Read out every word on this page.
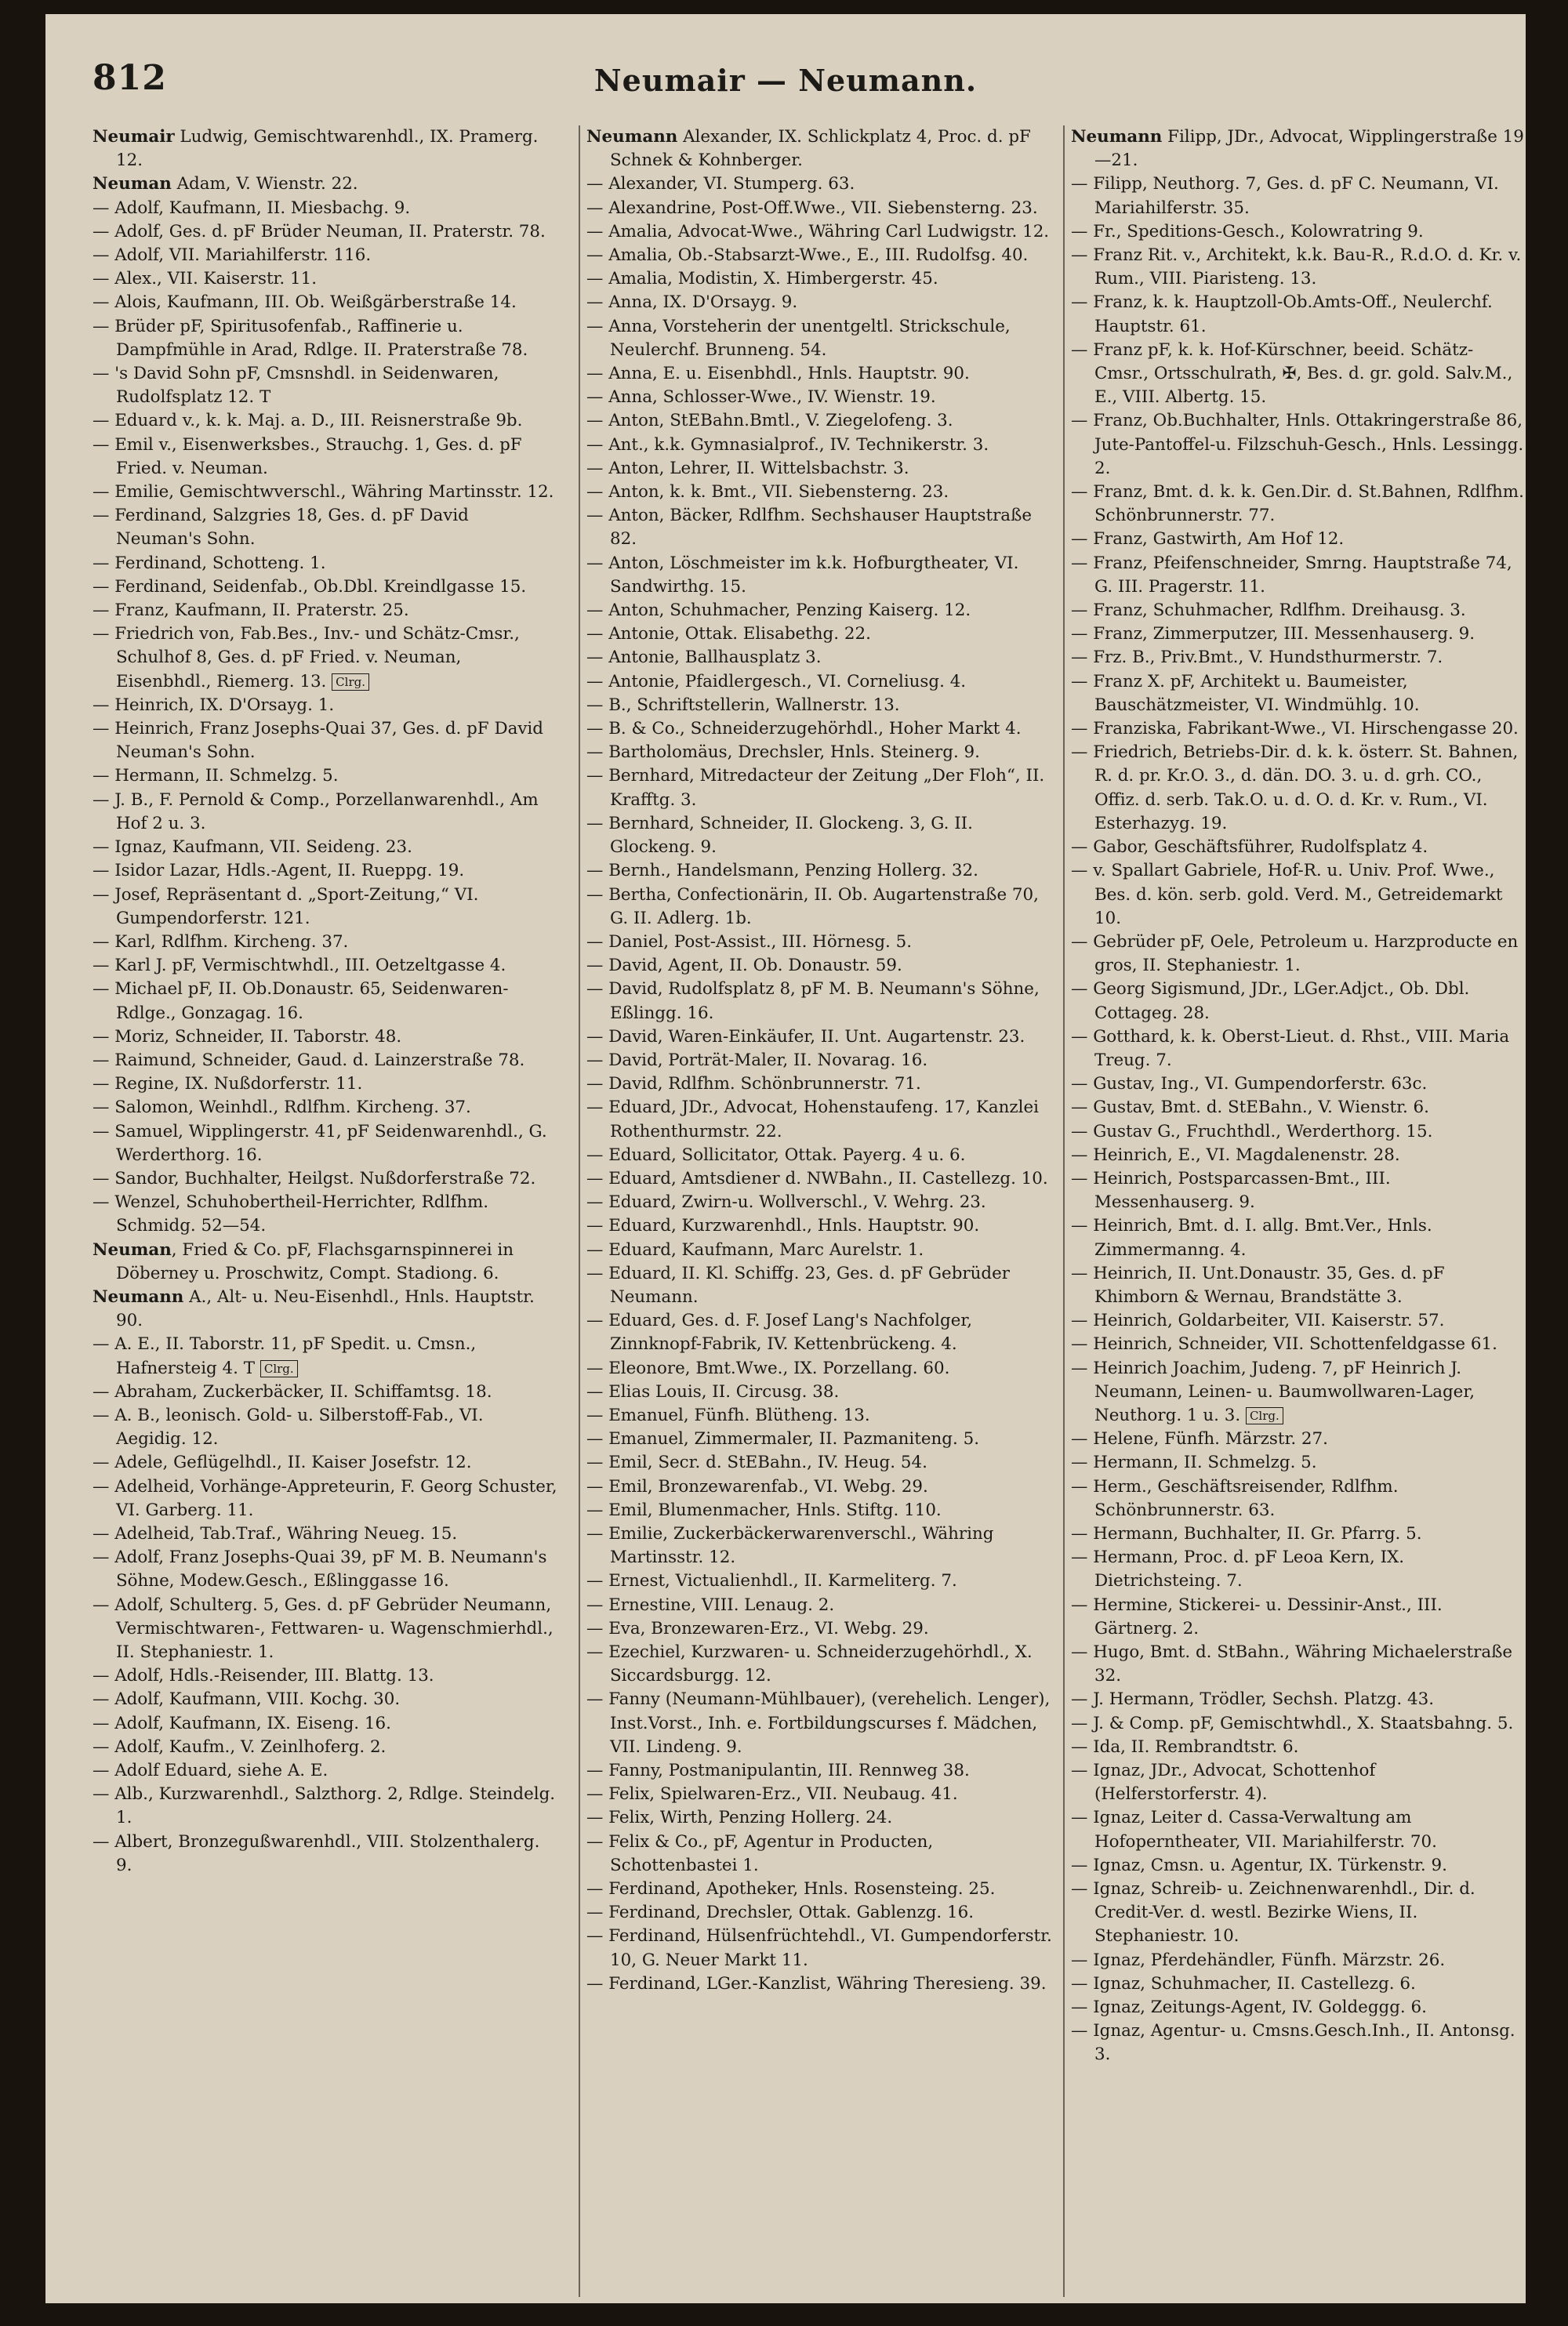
812	Neumair — Neumann.

Neumair Ludwig, Gemischtwarenhdl., IX. Pramerg. 12.

Neuman Adam, V. Wienstr. 22.

— Adolf, Kaufmann, II. Miesbachg. 9.

— Adolf, Ges. d. pF Brüder Neuman, II. Praterstr. 78.

— Adolf, VII. Mariahilferstr. 116.

— Alex., VII. Kaiserstr. 11.

— Alois, Kaufmann, III. Ob. Weißgärberstraße 14.

— Brüder pF, Spiritusofenfab., Raffinerie u. Dampfmühle in Arad, Rdlge. II. Praterstraße 78.

— 's David Sohn pF, Cmsnshdl. in Seidenwaren, Rudolfsplatz 12. T

— Eduard v., k. k. Maj. a. D., III. Reisnerstraße 9b.

— Emil v., Eisenwerksbes., Strauchg. 1, Ges. d. pF Fried. v. Neuman.

— Emilie, Gemischtwverschl., Währing Martinsstr. 12.

— Ferdinand, Salzgries 18, Ges. d. pF David Neuman's Sohn.

— Ferdinand, Schotteng. 1.

— Ferdinand, Seidenfab., Ob.Dbl. Kreindlgasse 15.

— Franz, Kaufmann, II. Praterstr. 25.

— Friedrich von, Fab.Bes., Inv.- und Schätz-Cmsr., Schulhof 8, Ges. d. pF Fried. v. Neuman, Eisenbhdl., Riemerg. 13. Clrg.

— Heinrich, IX. D'Orsayg. 1.

— Heinrich, Franz Josephs-Quai 37, Ges. d. pF David Neuman's Sohn.

— Hermann, II. Schmelzg. 5.

— J. B., F. Pernold & Comp., Porzellanwarenhdl., Am Hof 2 u. 3.

— Ignaz, Kaufmann, VII. Seideng. 23.

— Isidor Lazar, Hdls.-Agent, II. Rueppg. 19.

— Josef, Repräsentant d. „Sport-Zeitung,“ VI. Gumpendorferstr. 121.

— Karl, Rdlfhm. Kircheng. 37.

— Karl J. pF, Vermischtwhdl., III. Oetzeltgasse 4.

— Michael pF, II. Ob.Donaustr. 65, Seidenwaren-Rdlge., Gonzagag. 16.

— Moriz, Schneider, II. Taborstr. 48.

— Raimund, Schneider, Gaud. d. Lainzerstraße 78.

— Regine, IX. Nußdorferstr. 11.

— Salomon, Weinhdl., Rdlfhm. Kircheng. 37.

— Samuel, Wipplingerstr. 41, pF Seidenwarenhdl., G. Werderthorg. 16.

— Sandor, Buchhalter, Heilgst. Nußdorferstraße 72.

— Wenzel, Schuhobertheil-Herrichter, Rdlfhm. Schmidg. 52—54.

Neuman, Fried & Co. pF, Flachsgarnspinnerei in Döberney u. Proschwitz, Compt. Stadiong. 6.

Neumann A., Alt- u. Neu-Eisenhdl., Hnls. Hauptstr. 90.

— A. E., II. Taborstr. 11, pF Spedit. u. Cmsn., Hafnersteig 4. T Clrg.

— Abraham, Zuckerbäcker, II. Schiffamtsg. 18.

— A. B., leonisch. Gold- u. Silberstoff-Fab., VI. Aegidig. 12.

— Adele, Geflügelhdl., II. Kaiser Josefstr. 12.

— Adelheid, Vorhänge-Appreteurin, F. Georg Schuster, VI. Garberg. 11.

— Adelheid, Tab.Traf., Währing Neueg. 15.

— Adolf, Franz Josephs-Quai 39, pF M. B. Neumann's Söhne, Modew.Gesch., Eßlinggasse 16.

— Adolf, Schulterg. 5, Ges. d. pF Gebrüder Neumann, Vermischtwaren-, Fettwaren- u. Wagenschmierhdl., II. Stephaniestr. 1.

— Adolf, Hdls.-Reisender, III. Blattg. 13.

— Adolf, Kaufmann, VIII. Kochg. 30.

— Adolf, Kaufmann, IX. Eiseng. 16.

— Adolf, Kaufm., V. Zeinlhoferg. 2.

— Adolf Eduard, siehe A. E.

— Alb., Kurzwarenhdl., Salzthorg. 2, Rdlge. Steindelg. 1.

— Albert, Bronzegußwarenhdl., VIII. Stolzenthalerg. 9.

Neumann Alexander, IX. Schlickplatz 4, Proc. d. pF Schnek & Kohnberger.

— Alexander, VI. Stumperg. 63.

— Alexandrine, Post-Off.Wwe., VII. Siebensterng. 23.

— Amalia, Advocat-Wwe., Währing Carl Ludwigstr. 12.

— Amalia, Ob.-Stabsarzt-Wwe., E., III. Rudolfsg. 40.

— Amalia, Modistin, X. Himbergerstr. 45.

— Anna, IX. D'Orsayg. 9.

— Anna, Vorsteherin der unentgeltl. Strickschule, Neulerchf. Brunneng. 54.

— Anna, E. u. Eisenbhdl., Hnls. Hauptstr. 90.

— Anna, Schlosser-Wwe., IV. Wienstr. 19.

— Anton, StEBahn.Bmtl., V. Ziegelofeng. 3.

— Ant., k.k. Gymnasialprof., IV. Technikerstr. 3.

— Anton, Lehrer, II. Wittelsbachstr. 3.

— Anton, k. k. Bmt., VII. Siebensterng. 23.

— Anton, Bäcker, Rdlfhm. Sechshauser Hauptstraße 82.

— Anton, Löschmeister im k.k. Hofburgtheater, VI. Sandwirthg. 15.

— Anton, Schuhmacher, Penzing Kaiserg. 12.

— Antonie, Ottak. Elisabethg. 22.

— Antonie, Ballhausplatz 3.

— Antonie, Pfaidlergesch., VI. Corneliusg. 4.

— B., Schriftstellerin, Wallnerstr. 13.

— B. & Co., Schneiderzugehörhdl., Hoher Markt 4.

— Bartholomäus, Drechsler, Hnls. Steinerg. 9.

— Bernhard, Mitredacteur der Zeitung „Der Floh“, II. Krafftg. 3.

— Bernhard, Schneider, II. Glockeng. 3, G. II. Glockeng. 9.

— Bernh., Handelsmann, Penzing Hollerg. 32.

— Bertha, Confectionärin, II. Ob. Augartenstraße 70, G. II. Adlerg. 1b.

— Daniel, Post-Assist., III. Hörnesg. 5.

— David, Agent, II. Ob. Donaustr. 59.

— David, Rudolfsplatz 8, pF M. B. Neumann's Söhne, Eßlingg. 16.

— David, Waren-Einkäufer, II. Unt. Augartenstr. 23.

— David, Porträt-Maler, II. Novarag. 16.

— David, Rdlfhm. Schönbrunnerstr. 71.

— Eduard, JDr., Advocat, Hohenstaufeng. 17, Kanzlei Rothenthurmstr. 22.

— Eduard, Sollicitator, Ottak. Payerg. 4 u. 6.

— Eduard, Amtsdiener d. NWBahn., II. Castellezg. 10.

— Eduard, Zwirn-u. Wollverschl., V. Wehrg. 23.

— Eduard, Kurzwarenhdl., Hnls. Hauptstr. 90.

— Eduard, Kaufmann, Marc Aurelstr. 1.

— Eduard, II. Kl. Schiffg. 23, Ges. d. pF Gebrüder Neumann.

— Eduard, Ges. d. F. Josef Lang's Nachfolger, Zinnknopf-Fabrik, IV. Kettenbrückeng. 4.

— Eleonore, Bmt.Wwe., IX. Porzellang. 60.

— Elias Louis, II. Circusg. 38.

— Emanuel, Fünfh. Blütheng. 13.

— Emanuel, Zimmermaler, II. Pazmaniteng. 5.

— Emil, Secr. d. StEBahn., IV. Heug. 54.

— Emil, Bronzewarenfab., VI. Webg. 29.

— Emil, Blumenmacher, Hnls. Stiftg. 110.

— Emilie, Zuckerbäckerwarenverschl., Währing Martinsstr. 12.

— Ernest, Victualienhdl., II. Karmeliterg. 7.

— Ernestine, VIII. Lenaug. 2.

— Eva, Bronzewaren-Erz., VI. Webg. 29.

— Ezechiel, Kurzwaren- u. Schneiderzugehörhdl., X. Siccardsburgg. 12.

— Fanny (Neumann-Mühlbauer), (verehelich. Lenger), Inst.Vorst., Inh. e. Fortbildungscurses f. Mädchen, VII. Lindeng. 9.

— Fanny, Postmanipulantin, III. Rennweg 38.

— Felix, Spielwaren-Erz., VII. Neubaug. 41.

— Felix, Wirth, Penzing Hollerg. 24.

— Felix & Co., pF, Agentur in Producten, Schottenbastei 1.

— Ferdinand, Apotheker, Hnls. Rosensteing. 25.

— Ferdinand, Drechsler, Ottak. Gablenzg. 16.

— Ferdinand, Hülsenfrüchtehdl., VI. Gumpendorferstr. 10, G. Neuer Markt 11.

— Ferdinand, LGer.-Kanzlist, Währing Theresieng. 39.

Neumann Filipp, JDr., Advocat, Wipplingerstraße 19—21.

— Filipp, Neuthorg. 7, Ges. d. pF C. Neumann, VI. Mariahilferstr. 35.

— Fr., Speditions-Gesch., Kolowratring 9.

— Franz Rit. v., Architekt, k.k. Bau-R., R.d.O. d. Kr. v. Rum., VIII. Piaristeng. 13.

— Franz, k. k. Hauptzoll-Ob.Amts-Off., Neulerchf. Hauptstr. 61.

— Franz pF, k. k. Hof-Kürschner, beeid. Schätz-Cmsr., Ortsschulrath, ✠, Bes. d. gr. gold. Salv.M., E., VIII. Albertg. 15.

— Franz, Ob.Buchhalter, Hnls. Ottakringerstraße 86, Jute-Pantoffel-u. Filzschuh-Gesch., Hnls. Lessingg. 2.

— Franz, Bmt. d. k. k. Gen.Dir. d. St.Bahnen, Rdlfhm. Schönbrunnerstr. 77.

— Franz, Gastwirth, Am Hof 12.

— Franz, Pfeifenschneider, Smrng. Hauptstraße 74, G. III. Pragerstr. 11.

— Franz, Schuhmacher, Rdlfhm. Dreihausg. 3.

— Franz, Zimmerputzer, III. Messenhauserg. 9.

— Frz. B., Priv.Bmt., V. Hundsthurmerstr. 7.

— Franz X. pF, Architekt u. Baumeister, Bauschätzmeister, VI. Windmühlg. 10.

— Franziska, Fabrikant-Wwe., VI. Hirschengasse 20.

— Friedrich, Betriebs-Dir. d. k. k. österr. St. Bahnen, R. d. pr. Kr.O. 3., d. dän. DO. 3. u. d. grh. CO., Offiz. d. serb. Tak.O. u. d. O. d. Kr. v. Rum., VI. Esterhazyg. 19.

— Gabor, Geschäftsführer, Rudolfsplatz 4.

— v. Spallart Gabriele, Hof-R. u. Univ. Prof. Wwe., Bes. d. kön. serb. gold. Verd. M., Getreidemarkt 10.

— Gebrüder pF, Oele, Petroleum u. Harzproducte en gros, II. Stephaniestr. 1.

— Georg Sigismund, JDr., LGer.Adjct., Ob. Dbl. Cottageg. 28.

— Gotthard, k. k. Oberst-Lieut. d. Rhst., VIII. Maria Treug. 7.

— Gustav, Ing., VI. Gumpendorferstr. 63c.

— Gustav, Bmt. d. StEBahn., V. Wienstr. 6.

— Gustav G., Fruchthdl., Werderthorg. 15.

— Heinrich, E., VI. Magdalenenstr. 28.

— Heinrich, Postsparcassen-Bmt., III. Messenhauserg. 9.

— Heinrich, Bmt. d. I. allg. Bmt.Ver., Hnls. Zimmermanng. 4.

— Heinrich, II. Unt.Donaustr. 35, Ges. d. pF Khimborn & Wernau, Brandstätte 3.

— Heinrich, Goldarbeiter, VII. Kaiserstr. 57.

— Heinrich, Schneider, VII. Schottenfeldgasse 61.

— Heinrich Joachim, Judeng. 7, pF Heinrich J. Neumann, Leinen- u. Baumwollwaren-Lager, Neuthorg. 1 u. 3. Clrg.

— Helene, Fünfh. Märzstr. 27.

— Hermann, II. Schmelzg. 5.

— Herm., Geschäftsreisender, Rdlfhm. Schönbrunnerstr. 63.

— Hermann, Buchhalter, II. Gr. Pfarrg. 5.

— Hermann, Proc. d. pF Leoa Kern, IX. Dietrichsteing. 7.

— Hermine, Stickerei- u. Dessinir-Anst., III. Gärtnerg. 2.

— Hugo, Bmt. d. StBahn., Währing Michaelerstraße 32.

— J. Hermann, Trödler, Sechsh. Platzg. 43.

— J. & Comp. pF, Gemischtwhdl., X. Staatsbahng. 5.

— Ida, II. Rembrandtstr. 6.

— Ignaz, JDr., Advocat, Schottenhof (Helferstorferstr. 4).

— Ignaz, Leiter d. Cassa-Verwaltung am Hofoperntheater, VII. Mariahilferstr. 70.

— Ignaz, Cmsn. u. Agentur, IX. Türkenstr. 9.

— Ignaz, Schreib- u. Zeichnenwarenhdl., Dir. d. Credit-Ver. d. westl. Bezirke Wiens, II. Stephaniestr. 10.

— Ignaz, Pferdehändler, Fünfh. Märzstr. 26.

— Ignaz, Schuhmacher, II. Castellezg. 6.

— Ignaz, Zeitungs-Agent, IV. Goldeggg. 6.

— Ignaz, Agentur- u. Cmsns.Gesch.Inh., II. Antonsg. 3.
